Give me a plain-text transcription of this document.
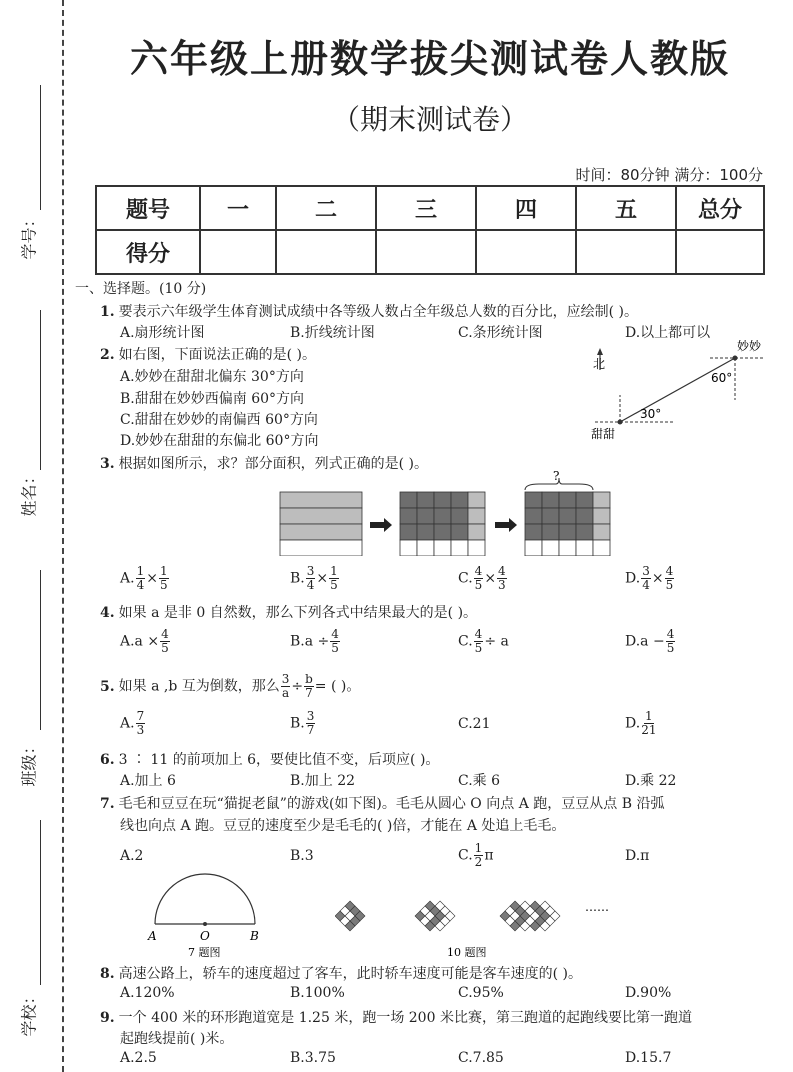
学号：
姓名：
班级：
学校：
六年级上册数学拔尖测试卷人教版
（期末测试卷）
时间：80分钟 满分：100分
题号	一	二	三	四	五	总分
得分						
一、选择题。(10 分)
1. 要表示六年级学生体育测试成绩中各等级人数占全年级总人数的百分比，应绘制( )。
A.扇形统计图	B.折线统计图	C.条形统计图	D.以上都可以
2. 如右图，下面说法正确的是( )。
A.妙妙在甜甜北偏东 30°方向
B.甜甜在妙妙西偏南 60°方向
C.甜甜在妙妙的南偏西 60°方向
D.妙妙在甜甜的东偏北 60°方向
北
妙妙
甜甜
60°
30°
3. 根据如图所示，求？部分面积，列式正确的是( )。
?
A. $\frac{1}{4} \times \frac{1}{5}$	B. $\frac{3}{4} \times \frac{1}{5}$	C. $\frac{4}{5} \times \frac{4}{3}$	D. $\frac{3}{4} \times \frac{4}{5}$
4. 如果 a 是非 0 自然数，那么下列各式中结果最大的是( )。
$A.a \times \frac{4}{5}$	$B.a \div \frac{4}{5}$	C. $\frac{4}{5} \div a$	$D.a - \frac{4}{5}$
5. 如果 a ,b 互为倒数，那么 $\frac{3}{a} \div \frac{b}{7}$ = ( )。
A. $\frac{7}{3}$	B. $\frac{3}{7}$	C.21	D. $\frac{1}{21}$
6. 3 ∶ 11 的前项加上 6，要使比值不变，后项应( )。
A.加上 6	B.加上 22	C.乘 6	D.乘 22
7. 毛毛和豆豆在玩“猫捉老鼠”的游戏(如下图)。毛毛从圆心 O 向点 A 跑，豆豆从点 B 沿弧
线也向点 A 跑。豆豆的速度至少是毛毛的( )倍，才能在 A 处追上毛毛。
A.2	B.3	C. $\frac{1}{2}$ π	D.π
A	O	B
7 题图
……
10 题图
8. 高速公路上，轿车的速度超过了客车，此时轿车速度可能是客车速度的( )。
A.120%	B.100%	C.95%	D.90%
9. 一个 400 米的环形跑道宽是 1.25 米，跑一场 200 米比赛，第三跑道的起跑线要比第一跑道
起跑线提前( )米。
A.2.5	B.3.75	C.7.85	D.15.7
